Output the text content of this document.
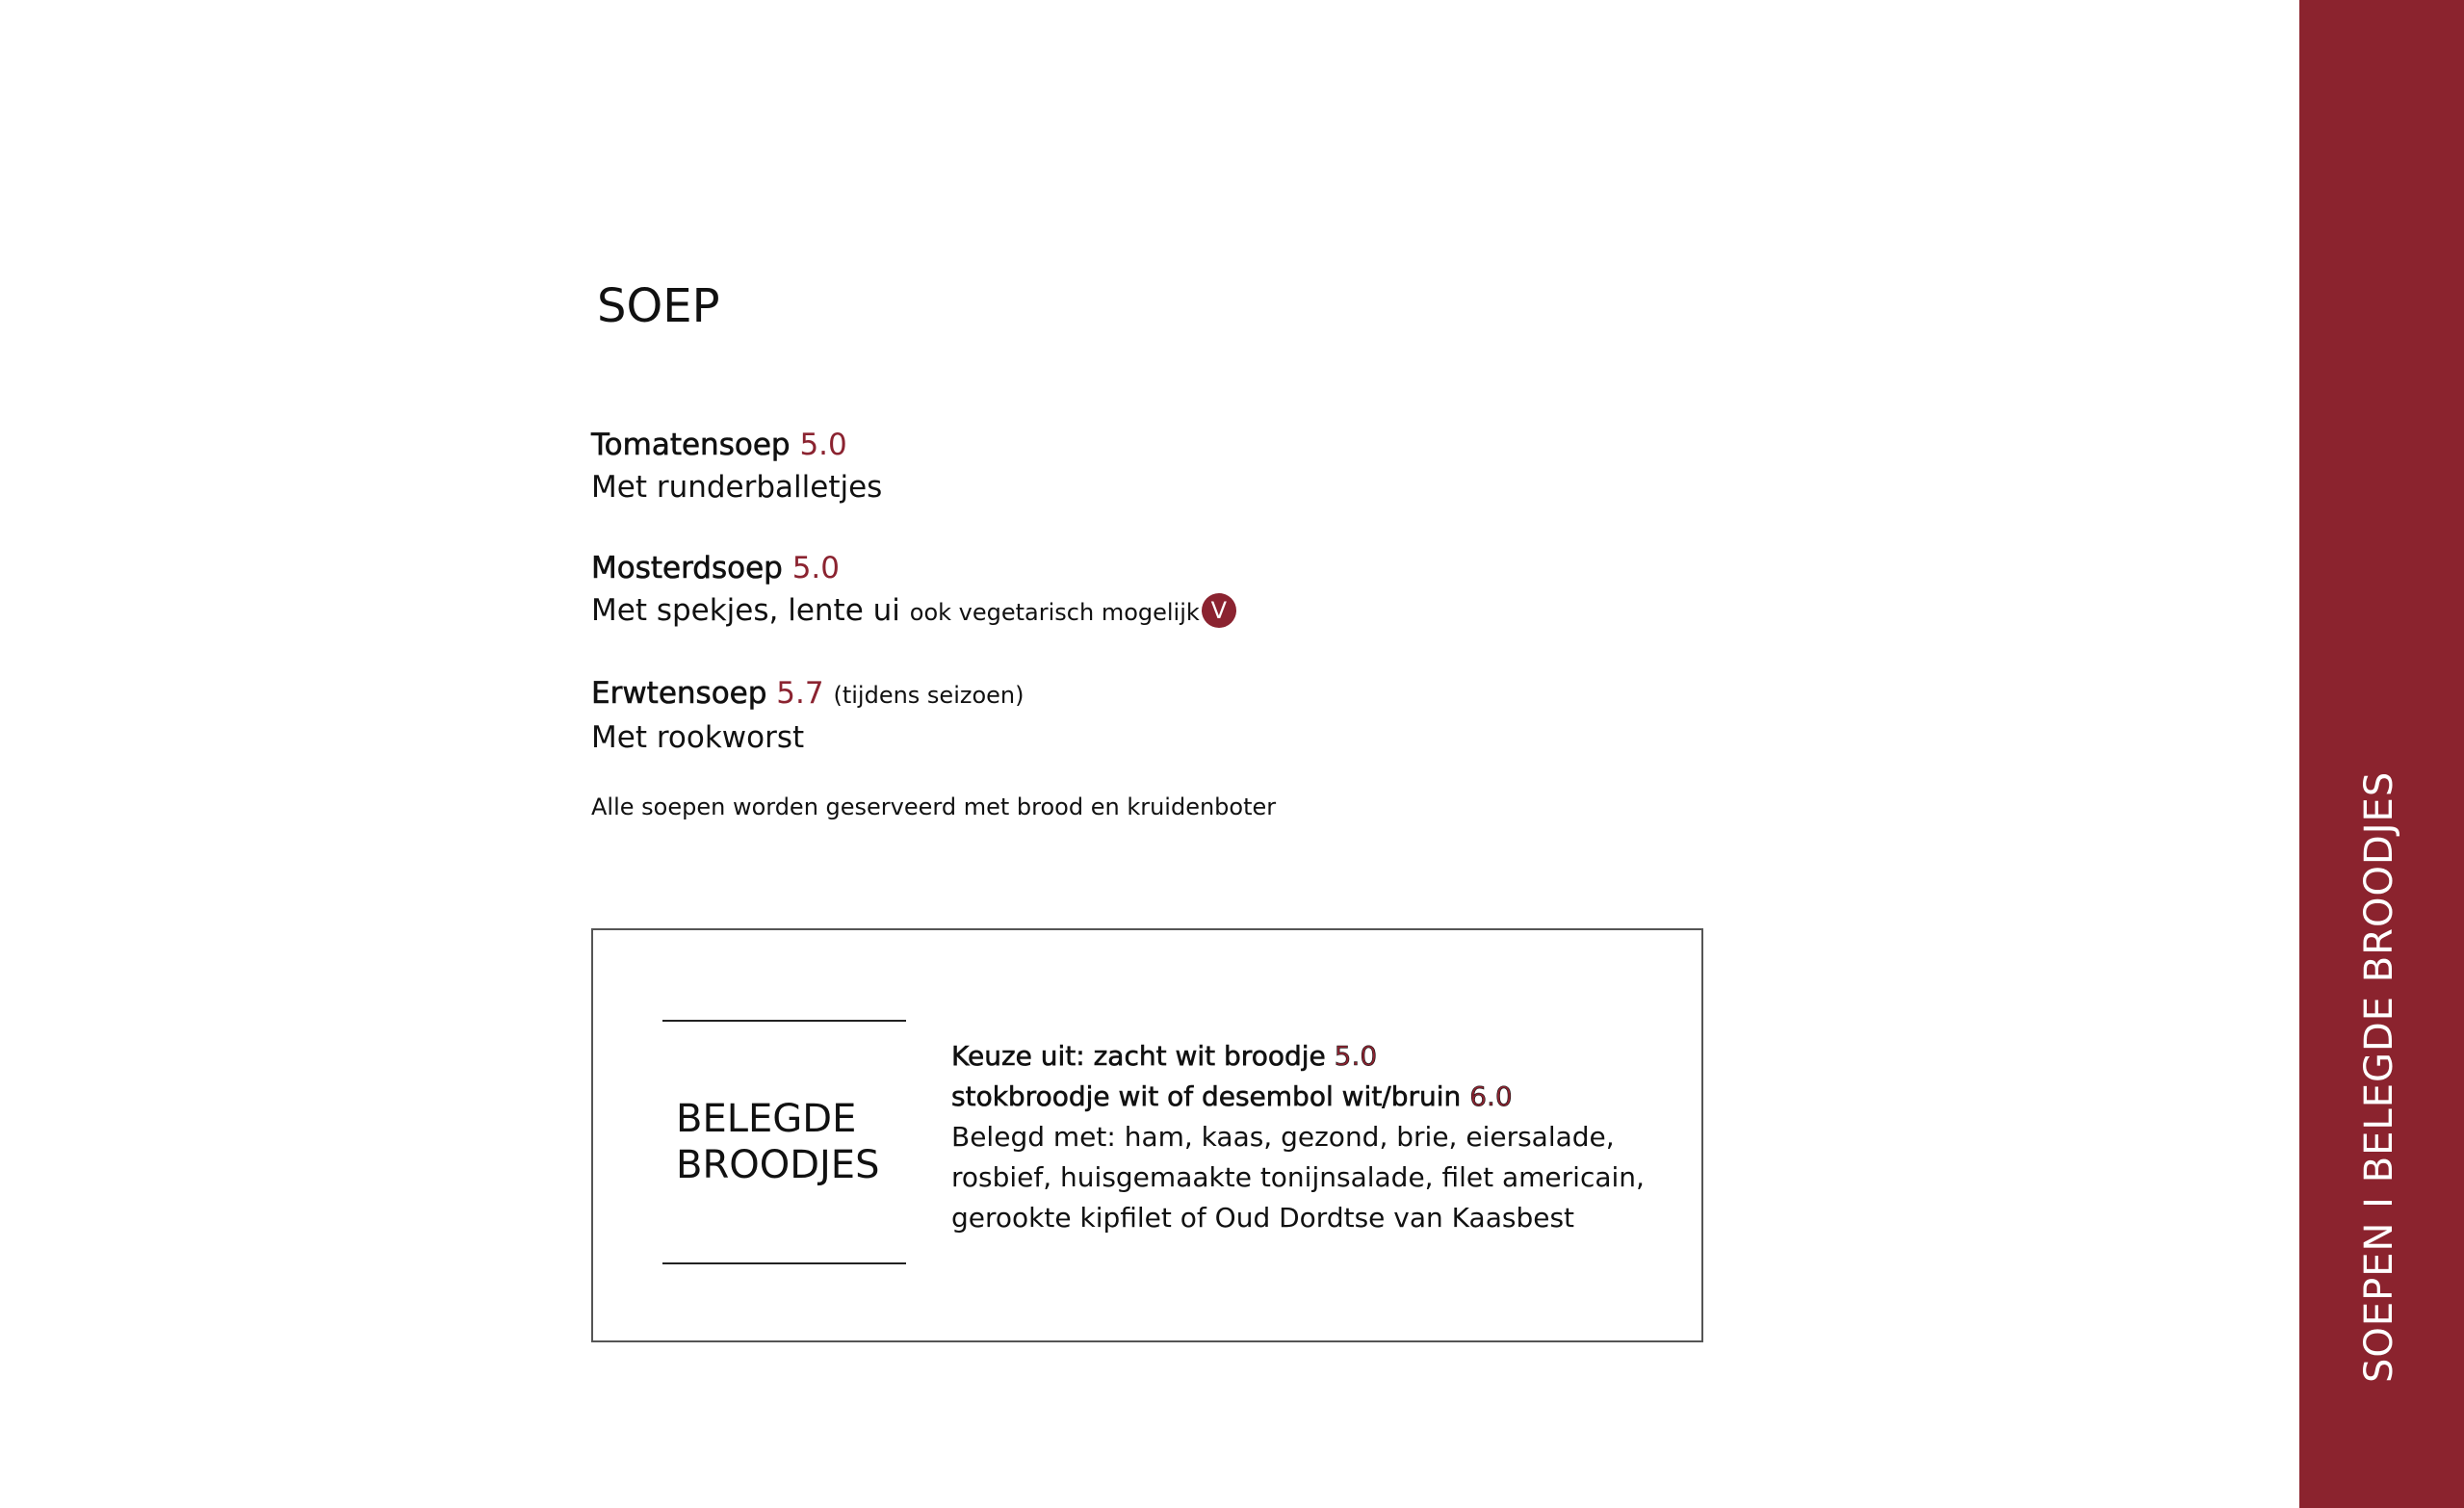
SOEP
Tomatensoep 5.0
Met runderballetjes
Mosterdsoep 5.0
Met spekjes, lente ui ook vegetarisch mogelijk V
Erwtensoep 5.7 (tijdens seizoen)
Met rookworst
Alle soepen worden geserveerd met brood en kruidenboter
BELEGDE
BROODJES
Keuze uit: zacht wit broodje 5.0
stokbroodje wit of desembol wit/bruin 6.0
Belegd met: ham, kaas, gezond, brie, eiersalade,
rosbief, huisgemaakte tonijnsalade, filet americain,
gerookte kipfilet of Oud Dordtse van Kaasbest	SOEPEN I BELEGDE BROODJES
